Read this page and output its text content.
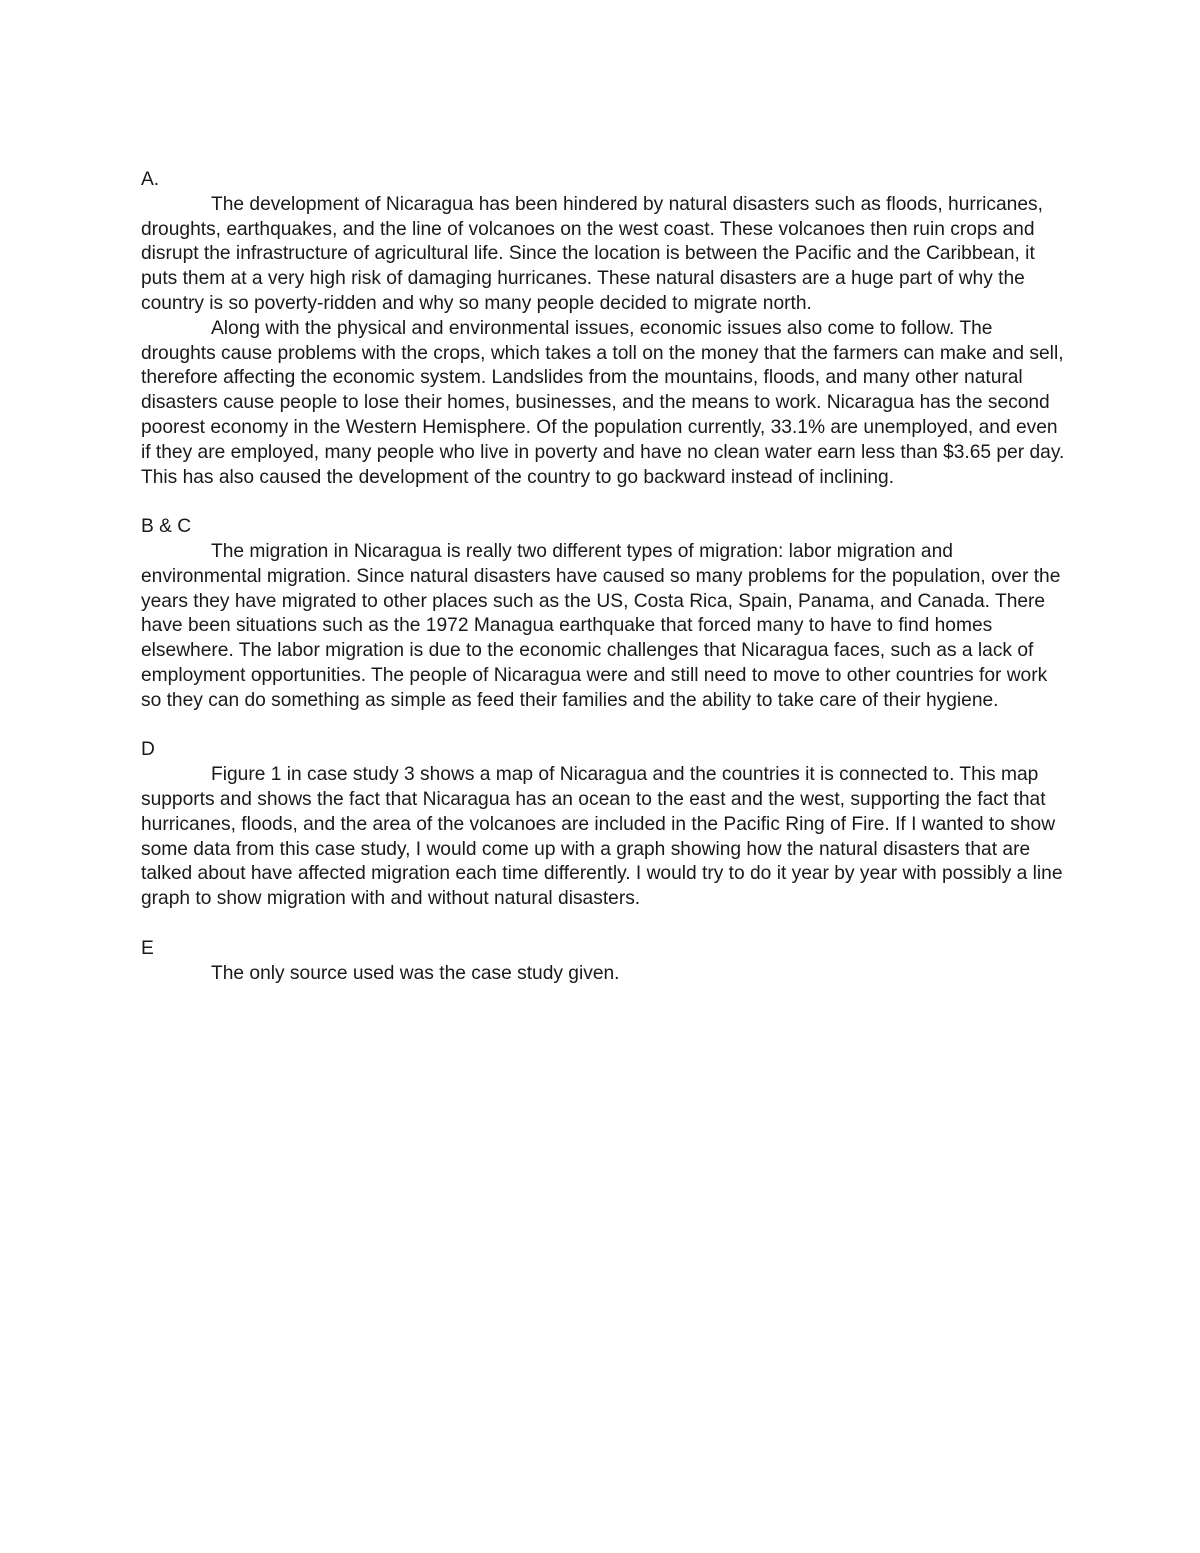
A.

The development of Nicaragua has been hindered by natural disasters such as floods, hurricanes, droughts, earthquakes, and the line of volcanoes on the west coast. These volcanoes then ruin crops and disrupt the infrastructure of agricultural life. Since the location is between the Pacific and the Caribbean, it puts them at a very high risk of damaging hurricanes. These natural disasters are a huge part of why the country is so poverty-ridden and why so many people decided to migrate north.

Along with the physical and environmental issues, economic issues also come to follow. The droughts cause problems with the crops, which takes a toll on the money that the farmers can make and sell, therefore affecting the economic system. Landslides from the mountains, floods, and many other natural disasters cause people to lose their homes, businesses, and the means to work. Nicaragua has the second poorest economy in the Western Hemisphere. Of the population currently, 33.1% are unemployed, and even if they are employed, many people who live in poverty and have no clean water earn less than $3.65 per day. This has also caused the development of the country to go backward instead of inclining.

B & C

The migration in Nicaragua is really two different types of migration: labor migration and environmental migration. Since natural disasters have caused so many problems for the population, over the years they have migrated to other places such as the US, Costa Rica, Spain, Panama, and Canada. There have been situations such as the 1972 Managua earthquake that forced many to have to find homes elsewhere. The labor migration is due to the economic challenges that Nicaragua faces, such as a lack of employment opportunities. The people of Nicaragua were and still need to move to other countries for work so they can do something as simple as feed their families and the ability to take care of their hygiene.

D

Figure 1 in case study 3 shows a map of Nicaragua and the countries it is connected to. This map supports and shows the fact that Nicaragua has an ocean to the east and the west, supporting the fact that hurricanes, floods, and the area of the volcanoes are included in the Pacific Ring of Fire. If I wanted to show some data from this case study, I would come up with a graph showing how the natural disasters that are talked about have affected migration each time differently. I would try to do it year by year with possibly a line graph to show migration with and without natural disasters.

E

The only source used was the case study given.
